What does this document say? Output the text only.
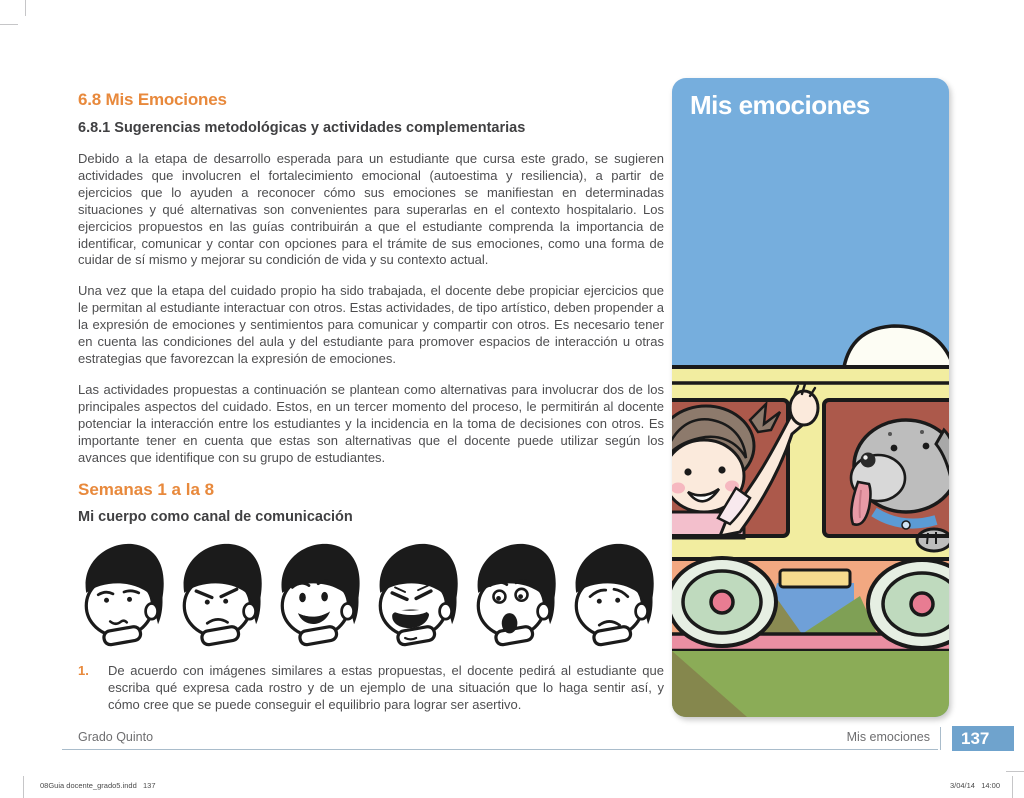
6.8 Mis Emociones
6.8.1 Sugerencias metodológicas y actividades complementarias

Debido a la etapa de desarrollo esperada para un estudiante que cursa este grado, se sugieren actividades que involucren el fortalecimiento emocional (autoestima y resiliencia), a partir de ejercicios que lo ayuden a reconocer cómo sus emociones se manifiestan en determinadas situaciones y qué alternativas son convenientes para superarlas en el contexto hospitalario. Los ejercicios propuestos en las guías contribuirán a que el estudiante comprenda la importancia de identificar, comunicar y contar con opciones para el trámite de sus emociones, como una forma de cuidar de sí mismo y mejorar su condición de vida y su contexto actual.

Una vez que la etapa del cuidado propio ha sido trabajada, el docente debe propiciar ejercicios que le permitan al estudiante interactuar con otros. Estas actividades, de tipo artístico, deben propender a la expresión de emociones y sentimientos para comunicar y compartir con otros. Es necesario tener en cuenta las condiciones del aula y del estudiante para promover espacios de interacción u otras estrategias que favorezcan la expresión de emociones.

Las actividades propuestas a continuación se plantean como alternativas para involucrar dos de los principales aspectos del cuidado. Estos, en un tercer momento del proceso, le permitirán al docente potenciar la interacción entre los estudiantes y la incidencia en la toma de decisiones con otros. Es importante tener en cuenta que estas son alternativas que el docente puede utilizar según los avances que identifique con su grupo de estudiantes.

Semanas 1 a la 8
Mi cuerpo como canal de comunicación
1.	De acuerdo con imágenes similares a estas propuestas, el docente pedirá al estudiante que escriba qué expresa cada rostro y de un ejemplo de una situación que lo haga sentir así, y cómo cree que se puede conseguir el equilibrio para lograr ser asertivo.
Mis emociones
Grado Quinto	Mis emociones	137
08Guia docente_grado5.indd   137	3/04/14   14:00
